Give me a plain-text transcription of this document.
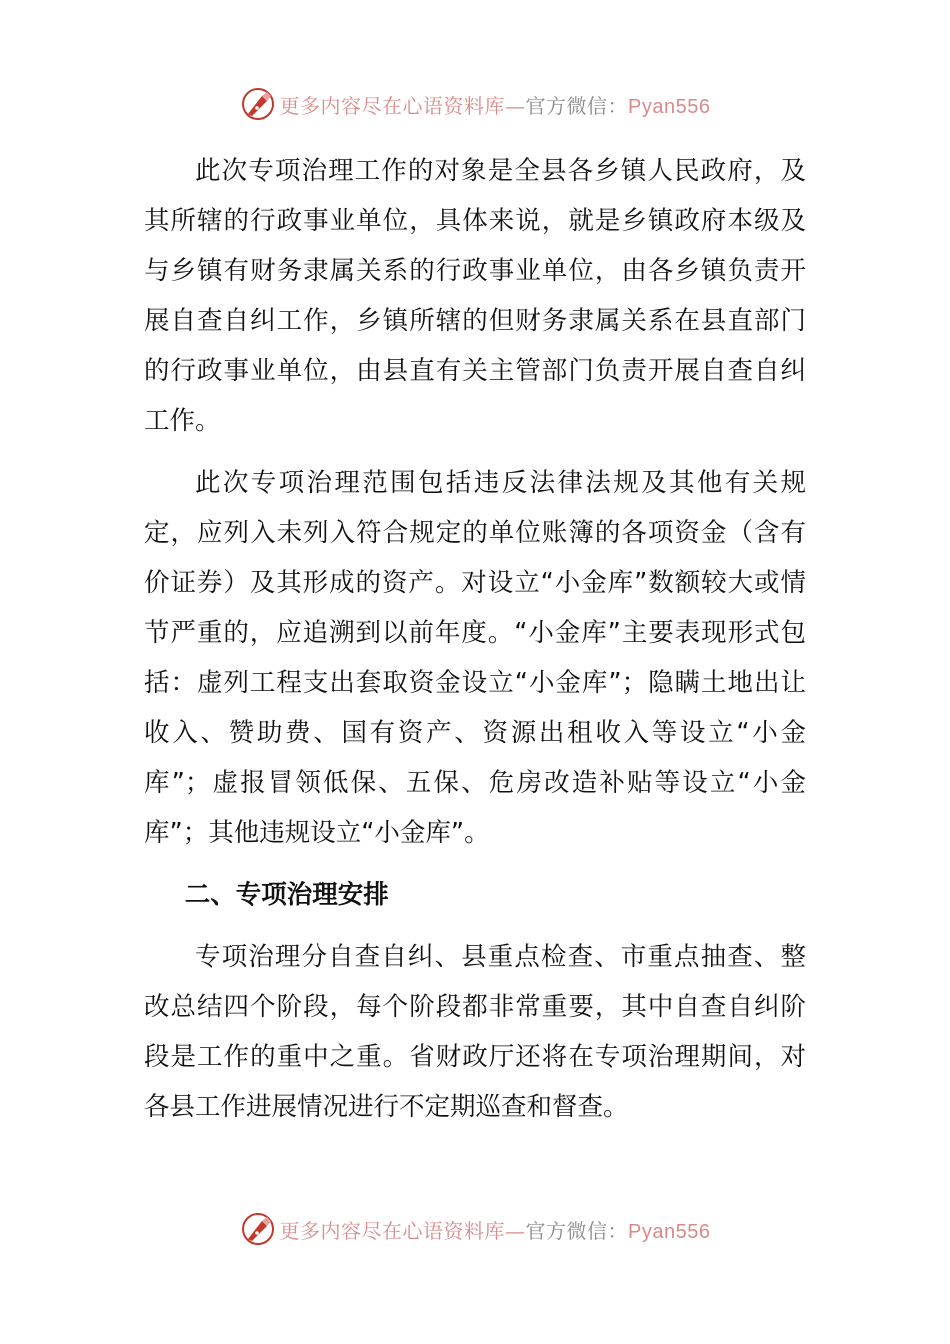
更多内容尽在心语资料库—官方微信：Pyan556

此次专项治理工作的对象是全县各乡镇人民政府，及其所辖的行政事业单位，具体来说，就是乡镇政府本级及与乡镇有财务隶属关系的行政事业单位，由各乡镇负责开展自查自纠工作，乡镇所辖的但财务隶属关系在县直部门的行政事业单位，由县直有关主管部门负责开展自查自纠工作。

此次专项治理范围包括违反法律法规及其他有关规定，应列入未列入符合规定的单位账簿的各项资金（含有价证券）及其形成的资产。对设立“小金库”数额较大或情节严重的，应追溯到以前年度。“小金库”主要表现形式包括：虚列工程支出套取资金设立“小金库”；隐瞒土地出让收入、赞助费、国有资产、资源出租收入等设立“小金库”；虚报冒领低保、五保、危房改造补贴等设立“小金库”；其他违规设立“小金库”。

二、专项治理安排

专项治理分自查自纠、县重点检查、市重点抽查、整改总结四个阶段，每个阶段都非常重要，其中自查自纠阶段是工作的重中之重。省财政厅还将在专项治理期间，对各县工作进展情况进行不定期巡查和督查。

更多内容尽在心语资料库—官方微信：Pyan556
